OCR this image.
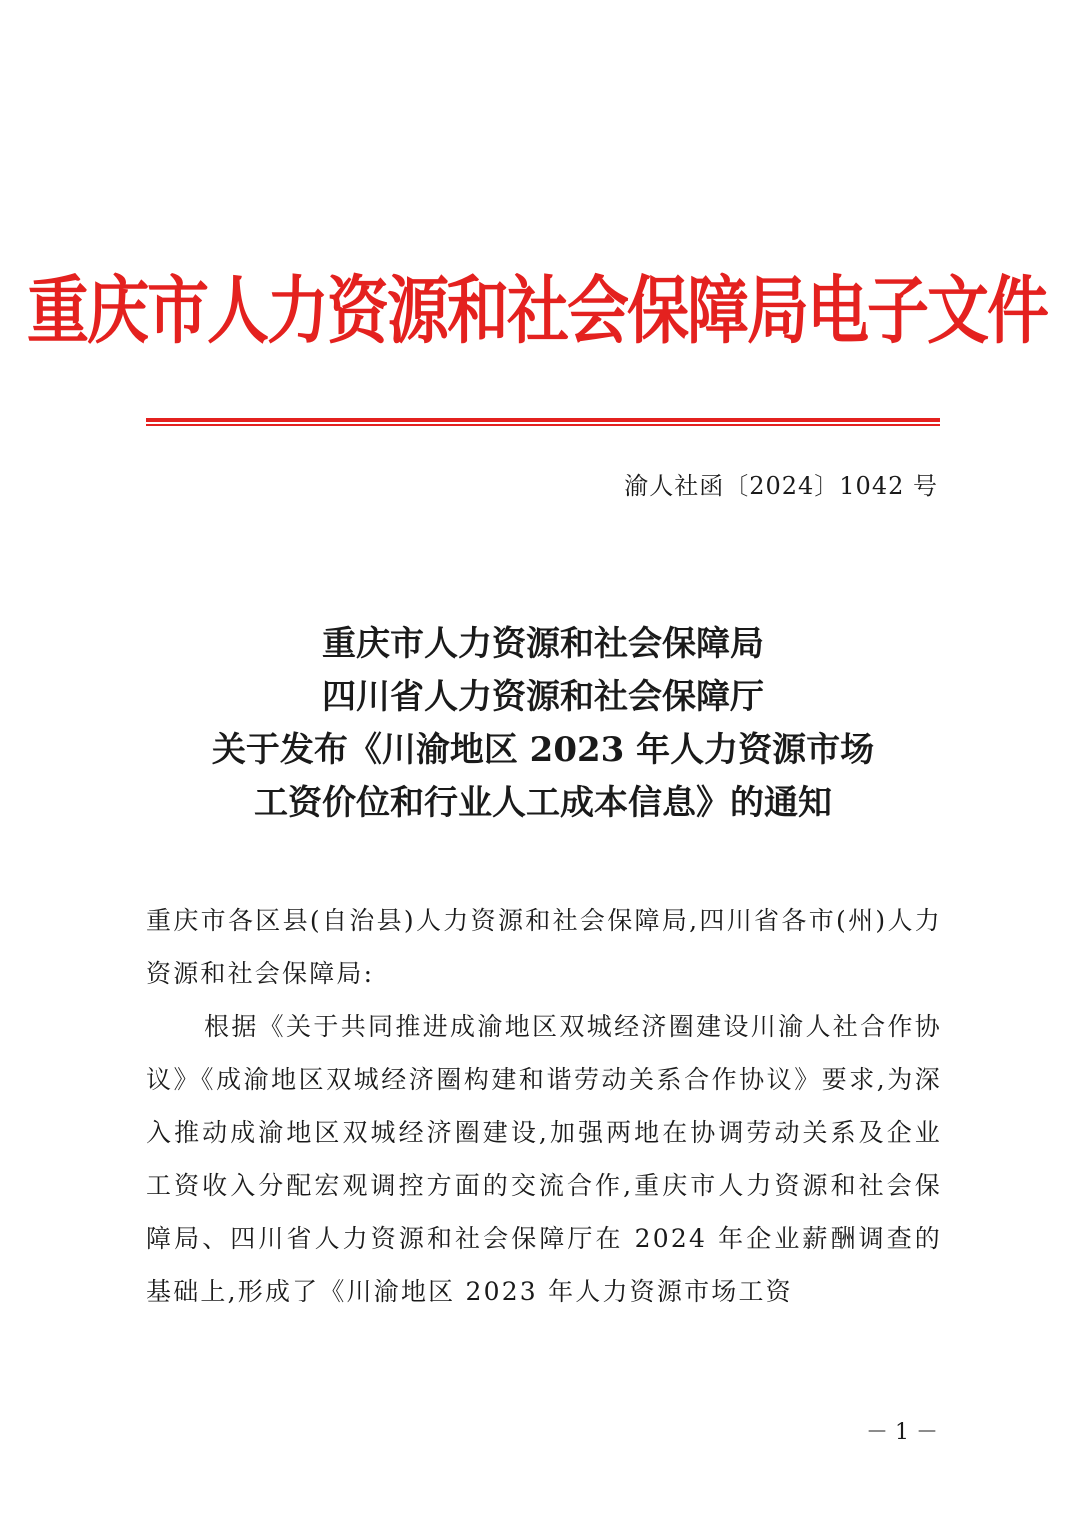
重庆市人力资源和社会保障局电子文件
渝人社函〔2024〕1042 号
重庆市人力资源和社会保障局
四川省人力资源和社会保障厅
关于发布《川渝地区 2023 年人力资源市场
工资价位和行业人工成本信息》的通知

重庆市各区县(自治县)人力资源和社会保障局,四川省各市(州)人力资源和社会保障局:

根据《关于共同推进成渝地区双城经济圈建设川渝人社合作协议》《成渝地区双城经济圈构建和谐劳动关系合作协议》要求,为深入推动成渝地区双城经济圈建设,加强两地在协调劳动关系及企业工资收入分配宏观调控方面的交流合作,重庆市人力资源和社会保障局、四川省人力资源和社会保障厅在 2024 年企业薪酬调查的基础上,形成了《川渝地区 2023 年人力资源市场工资

－ 1 －
